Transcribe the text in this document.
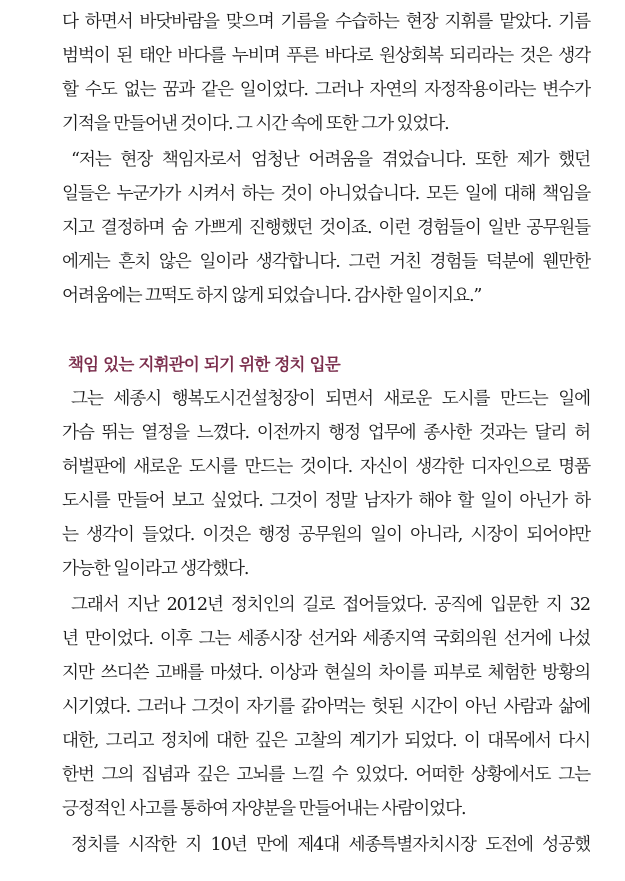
다 하면서 바닷바람을 맞으며 기름을 수습하는 현장 지휘를 맡았다. 기름
범벅이 된 태안 바다를 누비며 푸른 바다로 원상회복 되리라는 것은 생각
할 수도 없는 꿈과 같은 일이었다. 그러나 자연의 자정작용이라는 변수가
기적을 만들어낸 것이다. 그 시간 속에 또한 그가 있었다.
“저는 현장 책임자로서 엄청난 어려움을 겪었습니다. 또한 제가 했던
일들은 누군가가 시켜서 하는 것이 아니었습니다. 모든 일에 대해 책임을
지고 결정하며 숨 가쁘게 진행했던 것이죠. 이런 경험들이 일반 공무원들
에게는 흔치 않은 일이라 생각합니다. 그런 거친 경험들 덕분에 웬만한
어려움에는 끄떡도 하지 않게 되었습니다. 감사한 일이지요.”
책임 있는 지휘관이 되기 위한 정치 입문
그는 세종시 행복도시건설청장이 되면서 새로운 도시를 만드는 일에
가슴 뛰는 열정을 느꼈다. 이전까지 행정 업무에 종사한 것과는 달리 허
허벌판에 새로운 도시를 만드는 것이다. 자신이 생각한 디자인으로 명품
도시를 만들어 보고 싶었다. 그것이 정말 남자가 해야 할 일이 아닌가 하
는 생각이 들었다. 이것은 행정 공무원의 일이 아니라, 시장이 되어야만
가능한 일이라고 생각했다.
그래서 지난 2012년 정치인의 길로 접어들었다. 공직에 입문한 지 32
년 만이었다. 이후 그는 세종시장 선거와 세종지역 국회의원 선거에 나섰
지만 쓰디쓴 고배를 마셨다. 이상과 현실의 차이를 피부로 체험한 방황의
시기였다. 그러나 그것이 자기를 갉아먹는 헛된 시간이 아닌 사람과 삶에
대한, 그리고 정치에 대한 깊은 고찰의 계기가 되었다. 이 대목에서 다시
한번 그의 집념과 깊은 고뇌를 느낄 수 있었다. 어떠한 상황에서도 그는
긍정적인 사고를 통하여 자양분을 만들어내는 사람이었다.
정치를 시작한 지 10년 만에 제4대 세종특별자치시장 도전에 성공했
